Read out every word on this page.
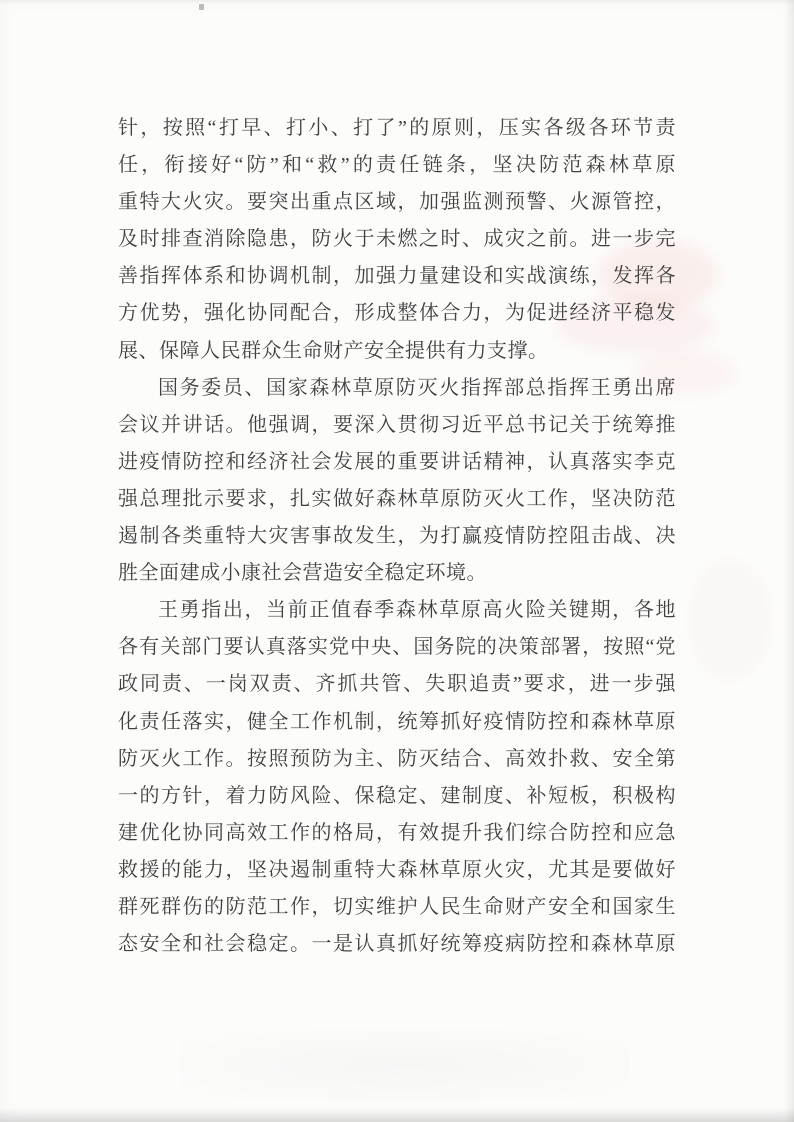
针，按照“打早、打小、打了”的原则，压实各级各环节责
任，衔接好“防”和“救”的责任链条，坚决防范森林草原
重特大火灾。要突出重点区域，加强监测预警、火源管控，
及时排查消除隐患，防火于未燃之时、成灾之前。进一步完
善指挥体系和协调机制，加强力量建设和实战演练，发挥各
方优势，强化协同配合，形成整体合力，为促进经济平稳发
展、保障人民群众生命财产安全提供有力支撑。
国务委员、国家森林草原防灭火指挥部总指挥王勇出席
会议并讲话。他强调，要深入贯彻习近平总书记关于统筹推
进疫情防控和经济社会发展的重要讲话精神，认真落实李克
强总理批示要求，扎实做好森林草原防灭火工作，坚决防范
遏制各类重特大灾害事故发生，为打赢疫情防控阻击战、决
胜全面建成小康社会营造安全稳定环境。
王勇指出，当前正值春季森林草原高火险关键期，各地
各有关部门要认真落实党中央、国务院的决策部署，按照“党
政同责、一岗双责、齐抓共管、失职追责”要求，进一步强
化责任落实，健全工作机制，统筹抓好疫情防控和森林草原
防灭火工作。按照预防为主、防灭结合、高效扑救、安全第
一的方针，着力防风险、保稳定、建制度、补短板，积极构
建优化协同高效工作的格局，有效提升我们综合防控和应急
救援的能力，坚决遏制重特大森林草原火灾，尤其是要做好
群死群伤的防范工作，切实维护人民生命财产安全和国家生
态安全和社会稳定。一是认真抓好统筹疫病防控和森林草原
